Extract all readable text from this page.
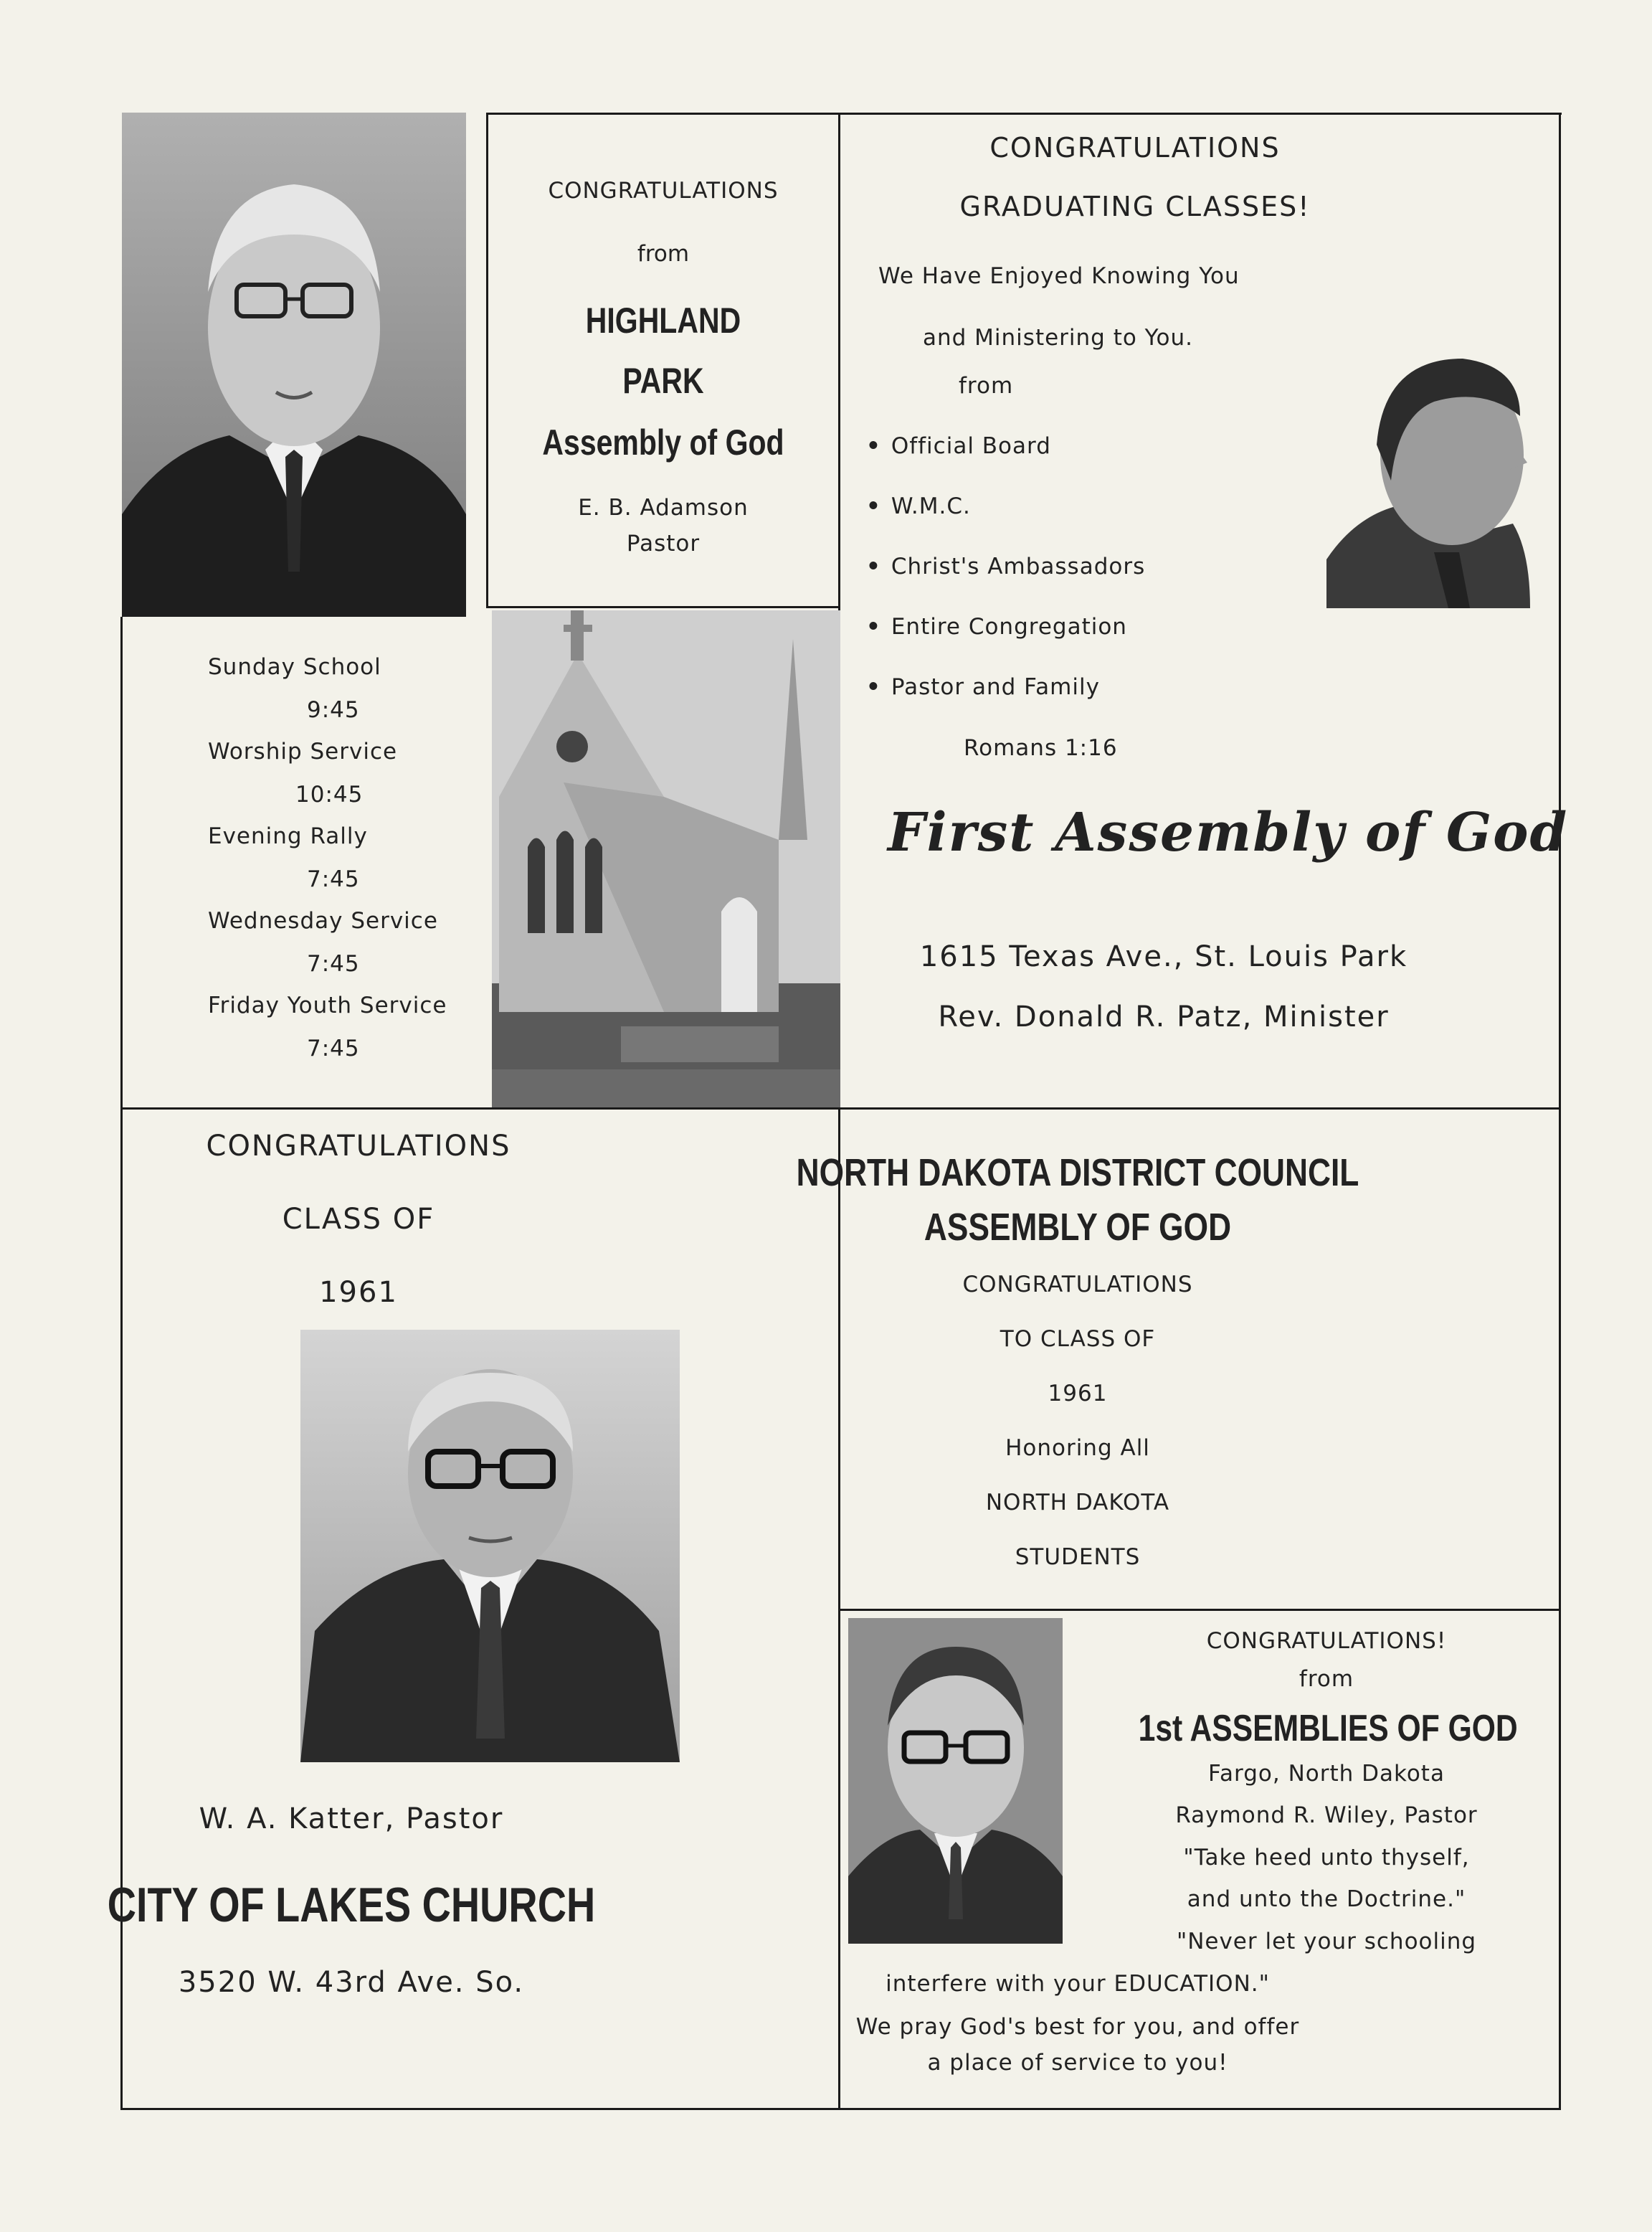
CONGRATULATIONS
from
HIGHLAND
PARK
Assembly of God
E. B. Adamson
Pastor
Sunday School
9:45
Worship Service
10:45
Evening Rally
7:45
Wednesday Service
7:45
Friday Youth Service
7:45
CONGRATULATIONS
GRADUATING CLASSES!
We Have Enjoyed Knowing You
and Ministering to You.
from
• Official Board
• W.M.C.
• Christ's Ambassadors
• Entire Congregation
• Pastor and Family
Romans 1:16
First Assembly of God
1615 Texas Ave., St. Louis Park
Rev. Donald R. Patz, Minister
CONGRATULATIONS
CLASS OF
1961
W. A. Katter, Pastor
CITY OF LAKES CHURCH
3520 W. 43rd Ave. So.
NORTH DAKOTA DISTRICT COUNCIL
ASSEMBLY OF GOD
CONGRATULATIONS
TO CLASS OF
1961
Honoring All
NORTH DAKOTA
STUDENTS
CONGRATULATIONS!
from
1st ASSEMBLIES OF GOD
Fargo, North Dakota
Raymond R. Wiley, Pastor
"Take heed unto thyself,
and unto the Doctrine."
"Never let your schooling
interfere with your EDUCATION."
We pray God's best for you, and offer
a place of service to you!
